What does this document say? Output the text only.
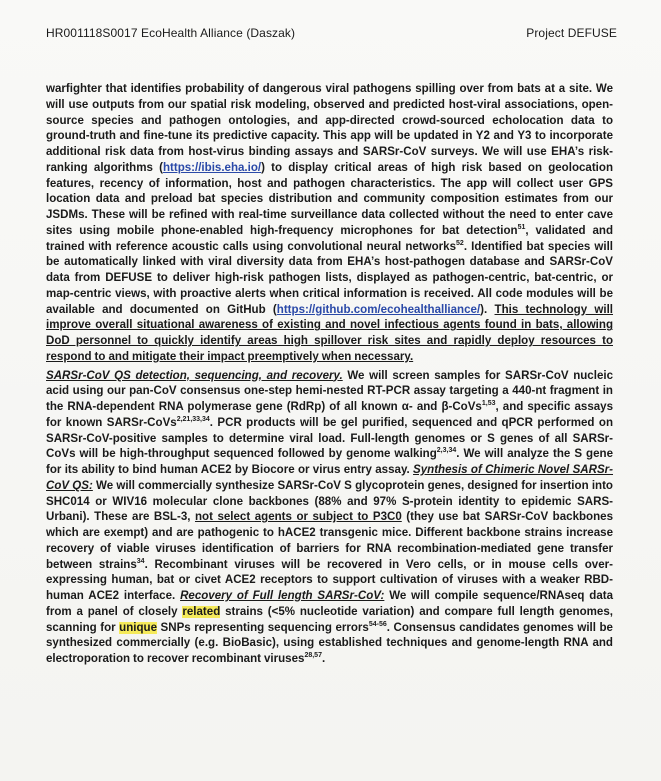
HR001118S0017 EcoHealth Alliance (Daszak)	Project DEFUSE

warfighter that identifies probability of dangerous viral pathogens spilling over from bats at a site. We will use outputs from our spatial risk modeling, observed and predicted host-viral associations, open-source species and pathogen ontologies, and app-directed crowd-sourced echolocation data to ground-truth and fine-tune its predictive capacity. This app will be updated in Y2 and Y3 to incorporate additional risk data from host-virus binding assays and SARSr-CoV surveys. We will use EHA’s risk-ranking algorithms (https://ibis.eha.io/) to display critical areas of high risk based on geolocation features, recency of information, host and pathogen characteristics. The app will collect user GPS location data and preload bat species distribution and community composition estimates from our JSDMs. These will be refined with real-time surveillance data collected without the need to enter cave sites using mobile phone-enabled high-frequency microphones for bat detection$^{51}$, validated and trained with reference acoustic calls using convolutional neural networks$^{52}$. Identified bat species will be automatically linked with viral diversity data from EHA’s host-pathogen database and SARSr-CoV data from DEFUSE to deliver high-risk pathogen lists, displayed as pathogen-centric, bat-centric, or map-centric views, with proactive alerts when critical information is received. All code modules will be available and documented on GitHub (https://github.com/ecohealthalliance/). This technology will improve overall situational awareness of existing and novel infectious agents found in bats, allowing DoD personnel to quickly identify areas high spillover risk sites and rapidly deploy resources to respond to and mitigate their impact preemptively when necessary.

SARSr-CoV QS detection, sequencing, and recovery. We will screen samples for SARSr-CoV nucleic acid using our pan-CoV consensus one-step hemi-nested RT-PCR assay targeting a 440-nt fragment in the RNA-dependent RNA polymerase gene (RdRp) of all known α- and β-CoVs$^{1,53}$, and specific assays for known SARSr-CoVs$^{2,21,33,34}$. PCR products will be gel purified, sequenced and qPCR performed on SARSr-CoV-positive samples to determine viral load. Full-length genomes or S genes of all SARSr-CoVs will be high-throughput sequenced followed by genome walking$^{2,3,34}$. We will analyze the S gene for its ability to bind human ACE2 by Biocore or virus entry assay. Synthesis of Chimeric Novel SARSr-CoV QS: We will commercially synthesize SARSr-CoV S glycoprotein genes, designed for insertion into SHC014 or WIV16 molecular clone backbones (88% and 97% S-protein identity to epidemic SARS-Urbani). These are BSL-3, not select agents or subject to P3C0 (they use bat SARSr-CoV backbones which are exempt) and are pathogenic to hACE2 transgenic mice. Different backbone strains increase recovery of viable viruses identification of barriers for RNA recombination-mediated gene transfer between strains$^{34}$. Recombinant viruses will be recovered in Vero cells, or in mouse cells over-expressing human, bat or civet ACE2 receptors to support cultivation of viruses with a weaker RBD-human ACE2 interface. Recovery of Full length SARSr-CoV: We will compile sequence/RNAseq data from a panel of closely related strains (<5% nucleotide variation) and compare full length genomes, scanning for unique SNPs representing sequencing errors$^{54-56}$. Consensus candidates genomes will be synthesized commercially (e.g. BioBasic), using established techniques and genome-length RNA and electroporation to recover recombinant viruses$^{28,57}$.
